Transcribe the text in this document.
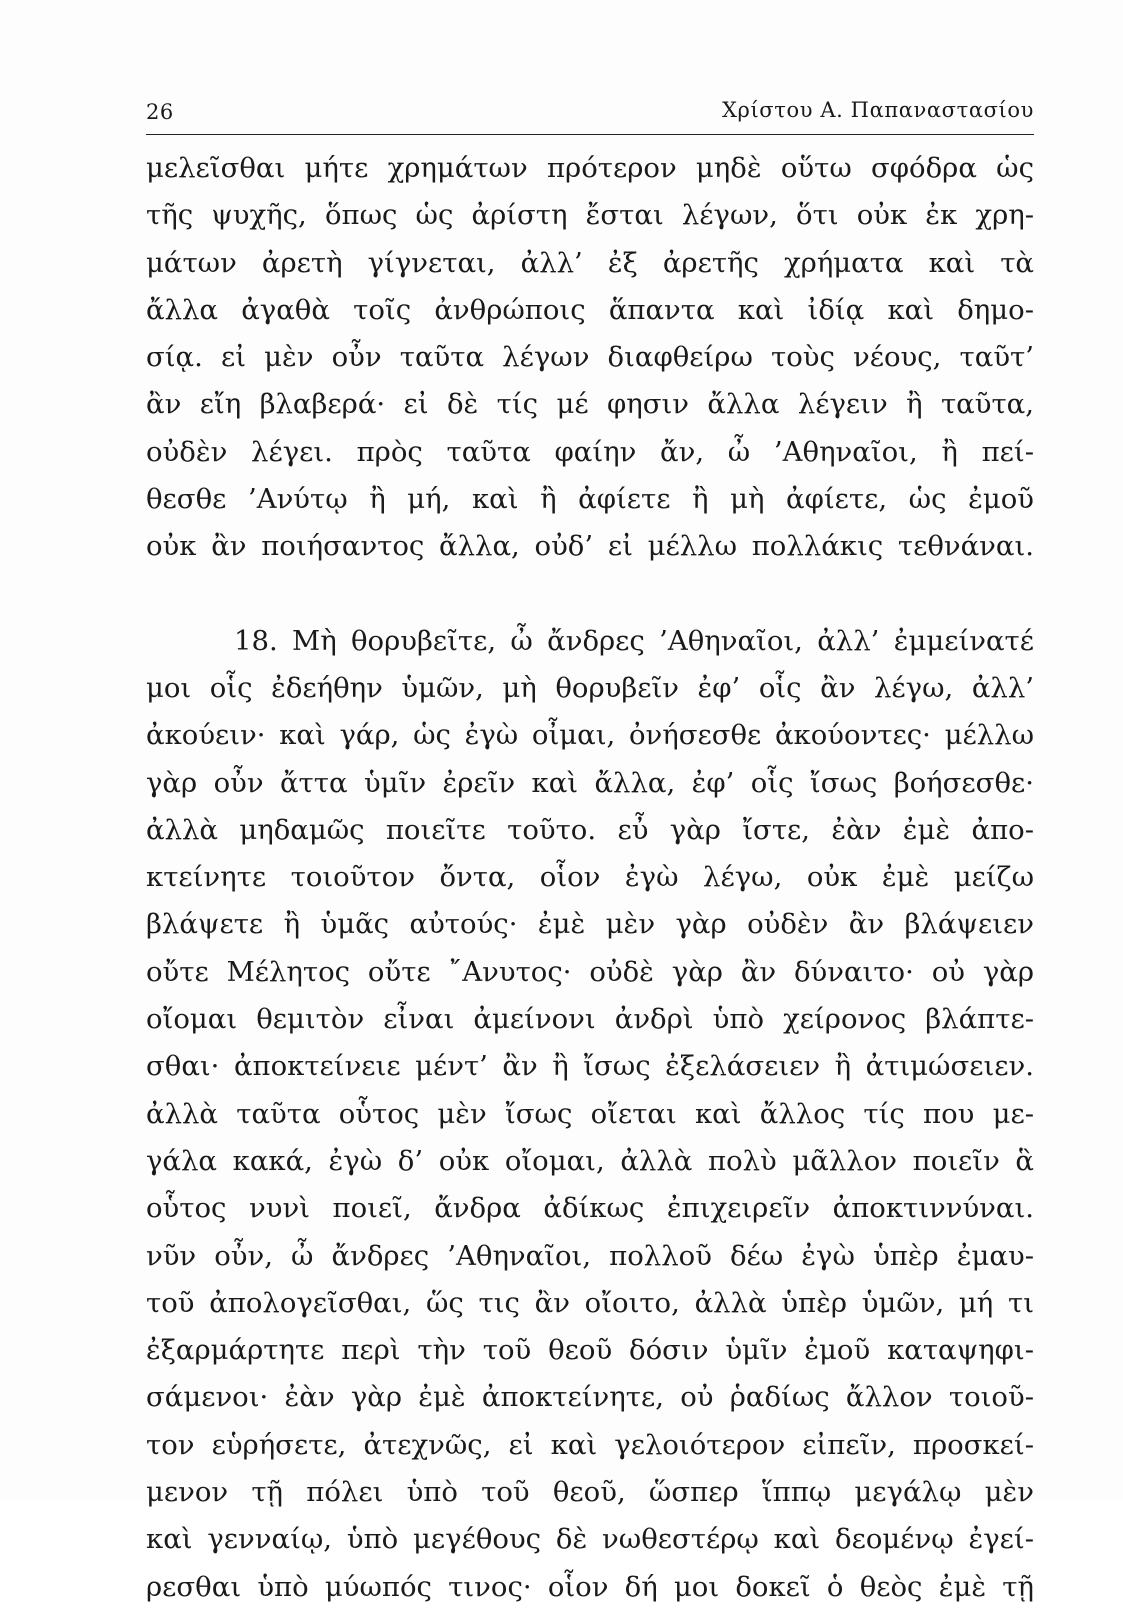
26	Χρίστου Α. Παπαναστασίου
μελεῖσθαι μήτε χρημάτων πρότερον μηδὲ οὕτω σφόδρα ὡς
τῆς ψυχῆς, ὅπως ὡς ἀρίστη ἔσται λέγων, ὅτι οὐκ ἐκ χρη-
μάτων ἀρετὴ γίγνεται, ἀλλ’ ἐξ ἀρετῆς χρήματα καὶ τὰ
ἄλλα ἀγαθὰ τοῖς ἀνθρώποις ἅπαντα καὶ ἰδίᾳ καὶ δημο-
σίᾳ. εἰ μὲν οὖν ταῦτα λέγων διαφθείρω τοὺς νέους, ταῦτ’
ἂν εἴη βλαβερά· εἰ δὲ τίς μέ φησιν ἄλλα λέγειν ἢ ταῦτα,
οὐδὲν λέγει. πρὸς ταῦτα φαίην ἄν, ὦ ’Αθηναῖοι, ἢ πεί-
θεσθε ’Ανύτῳ ἢ μή, καὶ ἢ ἀφίετε ἢ μὴ ἀφίετε, ὡς ἐμοῦ
οὐκ ἂν ποιήσαντος ἄλλα, οὐδ’ εἰ μέλλω πολλάκις τεθνάναι.
18. Μὴ θορυβεῖτε, ὦ ἄνδρες ’Αθηναῖοι, ἀλλ’ ἐμμείνατέ
μοι οἷς ἐδεήθην ὑμῶν, μὴ θορυβεῖν ἐφ’ οἷς ἂν λέγω, ἀλλ’
ἀκούειν· καὶ γάρ, ὡς ἐγὼ οἶμαι, ὀνήσεσθε ἀκούοντες· μέλλω
γὰρ οὖν ἄττα ὑμῖν ἐρεῖν καὶ ἄλλα, ἐφ’ οἷς ἴσως βοήσεσθε·
ἀλλὰ μηδαμῶς ποιεῖτε τοῦτο. εὖ γὰρ ἴστε, ἐὰν ἐμὲ ἀπο-
κτείνητε τοιοῦτον ὄντα, οἷον ἐγὼ λέγω, οὐκ ἐμὲ μείζω
βλάψετε ἢ ὑμᾶς αὐτούς· ἐμὲ μὲν γὰρ οὐδὲν ἂν βλάψειεν
οὔτε Μέλητος οὔτε ῎Ανυτος· οὐδὲ γὰρ ἂν δύναιτο· οὐ γὰρ
οἴομαι θεμιτὸν εἶναι ἀμείνονι ἀνδρὶ ὑπὸ χείρονος βλάπτε-
σθαι· ἀποκτείνειε μέντ’ ἂν ἢ ἴσως ἐξελάσειεν ἢ ἀτιμώσειεν.
ἀλλὰ ταῦτα οὗτος μὲν ἴσως οἴεται καὶ ἄλλος τίς που με-
γάλα κακά, ἐγὼ δ’ οὐκ οἴομαι, ἀλλὰ πολὺ μᾶλλον ποιεῖν ἃ
οὗτος νυνὶ ποιεῖ, ἄνδρα ἀδίκως ἐπιχειρεῖν ἀποκτιννύναι.
νῦν οὖν, ὦ ἄνδρες ’Αθηναῖοι, πολλοῦ δέω ἐγὼ ὑπὲρ ἐμαυ-
τοῦ ἀπολογεῖσθαι, ὥς τις ἂν οἴοιτο, ἀλλὰ ὑπὲρ ὑμῶν, μή τι
ἐξαρμάρτητε περὶ τὴν τοῦ θεοῦ δόσιν ὑμῖν ἐμοῦ καταψηφι-
σάμενοι· ἐὰν γὰρ ἐμὲ ἀποκτείνητε, οὐ ῥαδίως ἄλλον τοιοῦ-
τον εὑρήσετε, ἀτεχνῶς, εἰ καὶ γελοιότερον εἰπεῖν, προσκεί-
μενον τῇ πόλει ὑπὸ τοῦ θεοῦ, ὥσπερ ἵππῳ μεγάλῳ μὲν
καὶ γενναίῳ, ὑπὸ μεγέθους δὲ νωθεστέρῳ καὶ δεομένῳ ἐγεί-
ρεσθαι ὑπὸ μύωπός τινος· οἷον δή μοι δοκεῖ ὁ θεὸς ἐμὲ τῇ
